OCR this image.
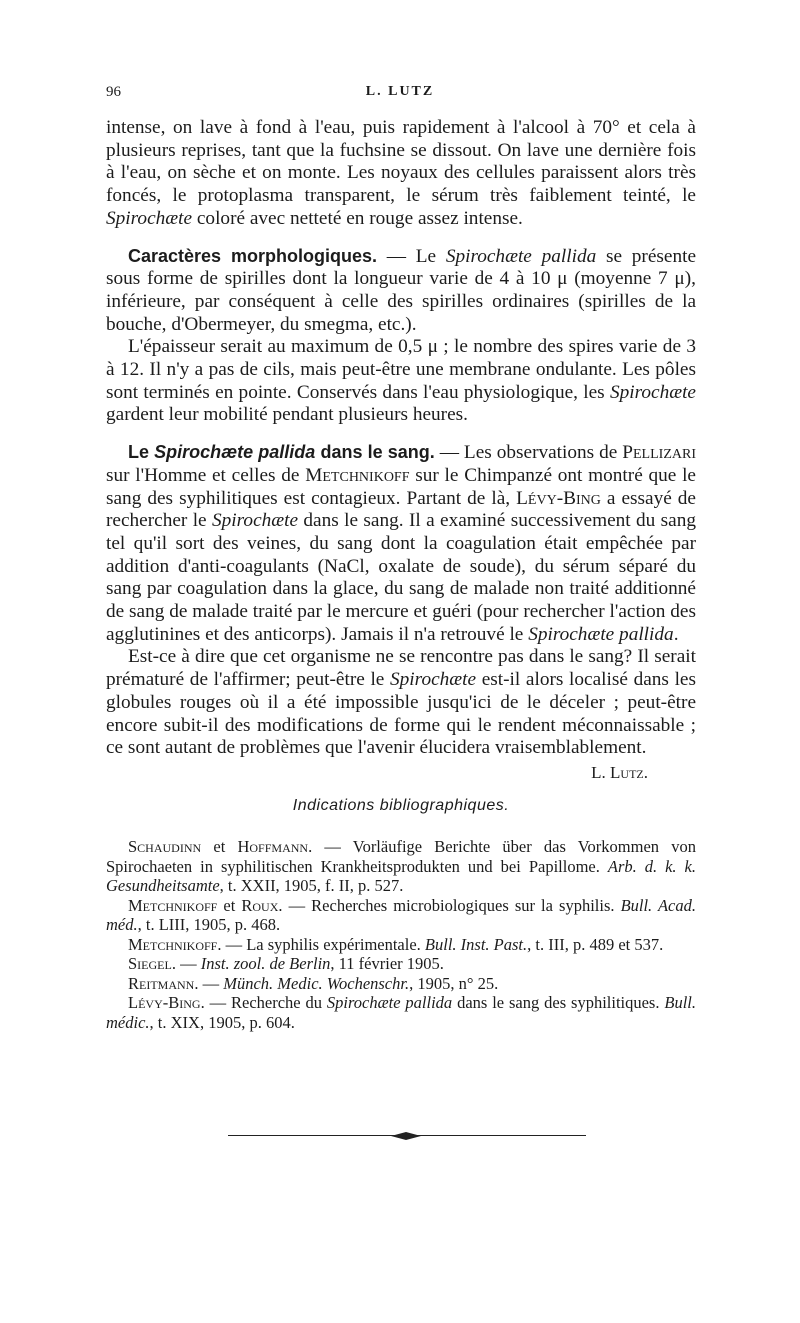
96	L. LUTZ

intense, on lave à fond à l'eau, puis rapidement à l'alcool à 70° et cela à plusieurs reprises, tant que la fuchsine se dissout. On lave une dernière fois à l'eau, on sèche et on monte. Les noyaux des cellules paraissent alors très foncés, le protoplasma transparent, le sérum très faiblement teinté, le Spirochæte coloré avec netteté en rouge assez intense.

Caractères morphologiques. — Le Spirochæte pallida se présente sous forme de spirilles dont la longueur varie de 4 à 10 μ (moyenne 7 μ), inférieure, par conséquent à celle des spirilles ordinaires (spirilles de la bouche, d'Obermeyer, du smegma, etc.).

L'épaisseur serait au maximum de 0,5 μ ; le nombre des spires varie de 3 à 12. Il n'y a pas de cils, mais peut-être une membrane ondulante. Les pôles sont terminés en pointe. Conservés dans l'eau physiologique, les Spirochæte gardent leur mobilité pendant plusieurs heures.

Le Spirochæte pallida dans le sang. — Les observations de Pellizari sur l'Homme et celles de Metchnikoff sur le Chimpanzé ont montré que le sang des syphilitiques est contagieux. Partant de là, Lévy-Bing a essayé de rechercher le Spirochæte dans le sang. Il a examiné successivement du sang tel qu'il sort des veines, du sang dont la coagulation était empêchée par addition d'anti-coagulants (NaCl, oxalate de soude), du sérum séparé du sang par coagulation dans la glace, du sang de malade non traité additionné de sang de malade traité par le mercure et guéri (pour rechercher l'action des agglutinines et des anticorps). Jamais il n'a retrouvé le Spirochæte pallida.

Est-ce à dire que cet organisme ne se rencontre pas dans le sang? Il serait prématuré de l'affirmer; peut-être le Spirochæte est-il alors localisé dans les globules rouges où il a été impossible jusqu'ici de le déceler ; peut-être encore subit-il des modifications de forme qui le rendent méconnaissable ; ce sont autant de problèmes que l'avenir élucidera vraisemblablement.

L. Lutz.
Indications bibliographiques.

Schaudinn et Hoffmann. — Vorläufige Berichte über das Vorkommen von Spirochaeten in syphilitischen Krankheitsprodukten und bei Papillome. Arb. d. k. k. Gesundheitsamte, t. XXII, 1905, f. II, p. 527.

Metchnikoff et Roux. — Recherches microbiologiques sur la syphilis. Bull. Acad. méd., t. LIII, 1905, p. 468.

Metchnikoff. — La syphilis expérimentale. Bull. Inst. Past., t. III, p. 489 et 537.

Siegel. — Inst. zool. de Berlin, 11 février 1905.

Reitmann. — Münch. Medic. Wochenschr., 1905, n° 25.

Lévy-Bing. — Recherche du Spirochæte pallida dans le sang des syphilitiques. Bull. médic., t. XIX, 1905, p. 604.
